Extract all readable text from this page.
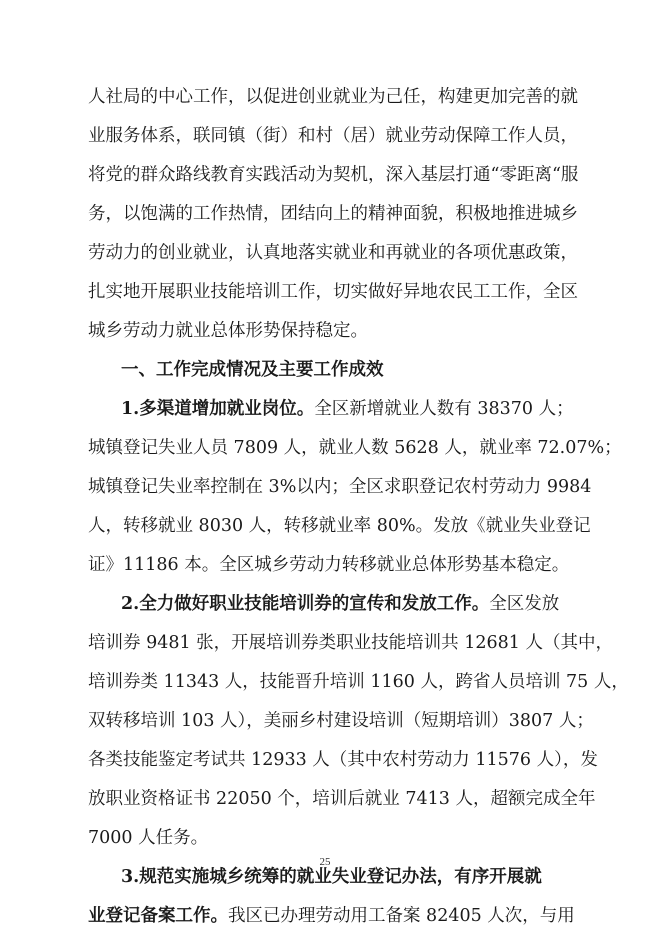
人社局的中心工作，以促进创业就业为己任，构建更加完善的就
业服务体系，联同镇（街）和村（居）就业劳动保障工作人员，
将党的群众路线教育实践活动为契机，深入基层打通“零距离“服
务，以饱满的工作热情，团结向上的精神面貌，积极地推进城乡
劳动力的创业就业，认真地落实就业和再就业的各项优惠政策，
扎实地开展职业技能培训工作，切实做好异地农民工工作，全区
城乡劳动力就业总体形势保持稳定。
一、工作完成情况及主要工作成效
1.多渠道增加就业岗位。全区新增就业人数有 38370 人；
城镇登记失业人员 7809 人，就业人数 5628 人，就业率 72.07%；
城镇登记失业率控制在 3%以内；全区求职登记农村劳动力 9984
人，转移就业 8030 人，转移就业率 80%。发放《就业失业登记
证》11186 本。全区城乡劳动力转移就业总体形势基本稳定。
2.全力做好职业技能培训券的宣传和发放工作。全区发放
培训券 9481 张，开展培训券类职业技能培训共 12681 人（其中，
培训券类 11343 人，技能晋升培训 1160 人，跨省人员培训 75 人，
双转移培训 103 人），美丽乡村建设培训（短期培训）3807 人；
各类技能鉴定考试共 12933 人（其中农村劳动力 11576 人），发
放职业资格证书 22050 个，培训后就业 7413 人，超额完成全年
7000 人任务。
3.规范实施城乡统筹的就业失业登记办法，有序开展就
业登记备案工作。我区已办理劳动用工备案 82405 人次，与用
25
